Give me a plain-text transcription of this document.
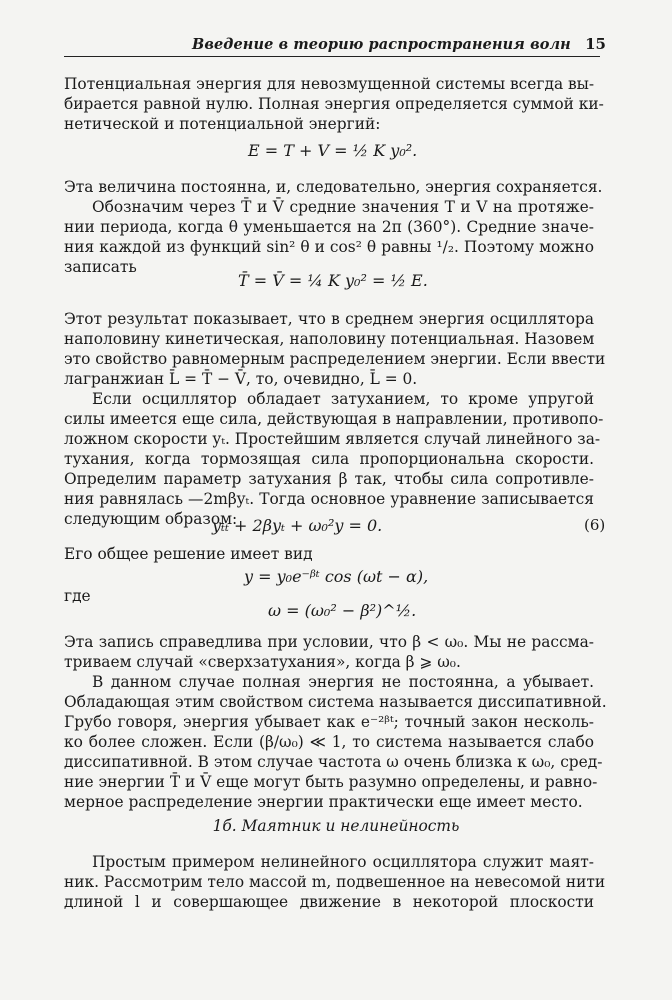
Введение в теорию распространения волн 15
Потенциальная энергия для невозмущенной системы всегда вы-
бирается равной нулю. Полная энергия определяется суммой ки-
нетической и потенциальной энергий:
E = T + V = ½ K y₀².
Эта величина постоянна, и, следовательно, энергия сохраняется.
Обозначим через T̄ и V̄ средние значения T и V на протяже-
нии периода, когда θ уменьшается на 2π (360°). Средние значе-
ния каждой из функций sin² θ и cos² θ равны ¹/₂. Поэтому можно
записать
T̄ = V̄ = ¼ K y₀² = ½ E.
Этот результат показывает, что в среднем энергия осциллятора
наполовину кинетическая, наполовину потенциальная. Назовем
это свойство равномерным распределением энергии. Если ввести
лагранжиан L̄ = T̄ − V̄, то, очевидно, L̄ = 0.
Если осциллятор обладает затуханием, то кроме упругой
силы имеется еще сила, действующая в направлении, противопо-
ложном скорости yₜ. Простейшим является случай линейного за-
тухания, когда тормозящая сила пропорциональна скорости.
Определим параметр затухания β так, чтобы сила сопротивле-
ния равнялась —2mβyₜ. Тогда основное уравнение записывается
следующим образом:
yₜₜ + 2βyₜ + ω₀²y = 0.	(6)
Его общее решение имеет вид
y = y₀e⁻ᵝᵗ cos (ωt − α),
где
ω = (ω₀² − β²)^½.
Эта запись справедлива при условии, что β < ω₀. Мы не рассма-
триваем случай «сверхзатухания», когда β ⩾ ω₀.
В данном случае полная энергия не постоянна, а убывает.
Обладающая этим свойством система называется диссипативной.
Грубо говоря, энергия убывает как e⁻²ᵝᵗ; точный закон несколь-
ко более сложен. Если (β/ω₀) ≪ 1, то система называется слабо
диссипативной. В этом случае частота ω очень близка к ω₀, сред-
ние энергии T̄ и V̄ еще могут быть разумно определены, и равно-
мерное распределение энергии практически еще имеет место.
1б. Маятник и нелинейность
Простым примером нелинейного осциллятора служит маят-
ник. Рассмотрим тело массой m, подвешенное на невесомой нити
длиной l и совершающее движение в некоторой плоскости
